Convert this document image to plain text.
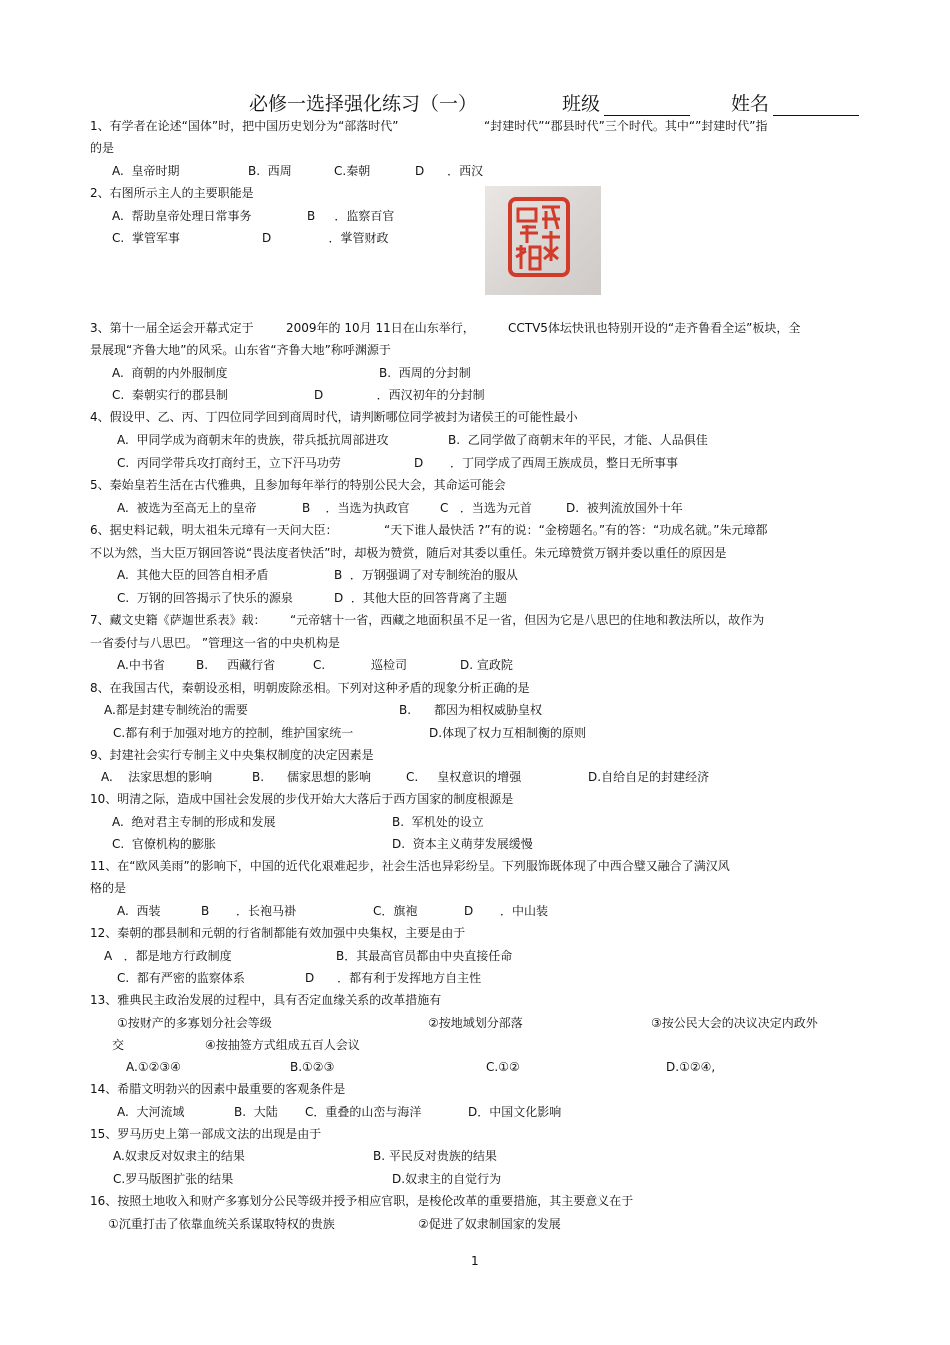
必修一选择强化练习（一）	班级	姓名
1、有学者在论述“国体”时，把中国历史划分为“部落时代”	“封建时代”“郡县时代”三个时代。其中“”封建时代”指
的是
A. 皇帝时期	B. 西周	C.秦朝	D ．西汉
2、右图所示主人的主要职能是
A. 帮助皇帝处理日常事务	B ．监察百官
C. 掌管军事	D	．掌管财政
3、第十一届全运会开幕式定于	2009年的 10月 11日在山东举行，	CCTV5体坛快讯也特别开设的“走齐鲁看全运”板块，全
景展现“齐鲁大地”的风采。山东省“齐鲁大地”称呼渊源于
A. 商朝的内外服制度	B. 西周的分封制
C. 秦朝实行的郡县制	D	．西汉初年的分封制
4、假设甲、乙、丙、丁四位同学回到商周时代，请判断哪位同学被封为诸侯王的可能性最小
A. 甲同学成为商朝末年的贵族，带兵抵抗周部进攻	B. 乙同学做了商朝末年的平民，才能、人品俱佳
C. 丙同学带兵攻打商纣王，立下汗马功劳	D ．丁同学成了西周王族成员，整日无所事事
5、秦始皇若生活在古代雅典，且参加每年举行的特别公民大会，其命运可能会
A. 被选为至高无上的皇帝	B ．当选为执政官	C ．当选为元首	D. 被判流放国外十年
6、据史料记载，明太祖朱元璋有一天问大臣：	“天下谁人最快活 ?”有的说：“金榜题名。”有的答：“功成名就。”朱元璋都
不以为然，当大臣万钢回答说“畏法度者快活”时，却极为赞赏，随后对其委以重任。朱元璋赞赏万钢并委以重任的原因是
A. 其他大臣的回答自相矛盾	B ．万钢强调了对专制统治的服从
C. 万钢的回答揭示了快乐的源泉	D ．其他大臣的回答背离了主题
7、藏文史籍《萨迦世系表》载： “元帝辖十一省，西藏之地面积虽不足一省，但因为它是八思巴的住地和教法所以，故作为
一省委付与八思巴。 ”管理这一省的中央机构是
A.中书省	B. 西藏行省	C.	巡检司	D. 宣政院
8、在我国古代，秦朝设丞相，明朝废除丞相。下列对这种矛盾的现象分析正确的是
A.都是封建专制统治的需要	B. 都因为相权威胁皇权
C.都有利于加强对地方的控制，维护国家统一	D.体现了权力互相制衡的原则
9、封建社会实行专制主义中央集权制度的决定因素是
A. 法家思想的影响	B. 儒家思想的影响	C. 皇权意识的增强	D.自给自足的封建经济
10、明清之际，造成中国社会发展的步伐开始大大落后于西方国家的制度根源是
A. 绝对君主专制的形成和发展	B. 军机处的设立
C. 官僚机构的膨胀	D. 资本主义萌芽发展缓慢
11、在“欧风美雨”的影响下，中国的近代化艰难起步，社会生活也异彩纷呈。下列服饰既体现了中西合璧又融合了满汉风
格的是
A. 西装	B ．长袍马褂	C．旗袍	D ．中山装
12、秦朝的郡县制和元朝的行省制都能有效加强中央集权，主要是由于
A ．都是地方行政制度	B．其最高官员都由中央直接任命
C. 都有严密的监察体系	D ．都有利于发挥地方自主性
13、雅典民主政治发展的过程中，具有否定血缘关系的改革措施有
①按财产的多寡划分社会等级	②按地域划分部落	③按公民大会的决议决定内政外
交	④按抽签方式组成五百人会议
A.①②③④	B.①②③	C.①②	D.①②④,
14、希腊文明勃兴的因素中最重要的客观条件是
A. 大河流域	B. 大陆 C．重叠的山峦与海洋	D．中国文化影响
15、罗马历史上第一部成文法的出现是由于
A.奴隶反对奴隶主的结果	B. 平民反对贵族的结果
C.罗马版图扩张的结果	D.奴隶主的自觉行为
16、按照土地收入和财产多寡划分公民等级并授予相应官职，是梭伦改革的重要措施，其主要意义在于
①沉重打击了依靠血统关系谋取特权的贵族	②促进了奴隶制国家的发展
1
